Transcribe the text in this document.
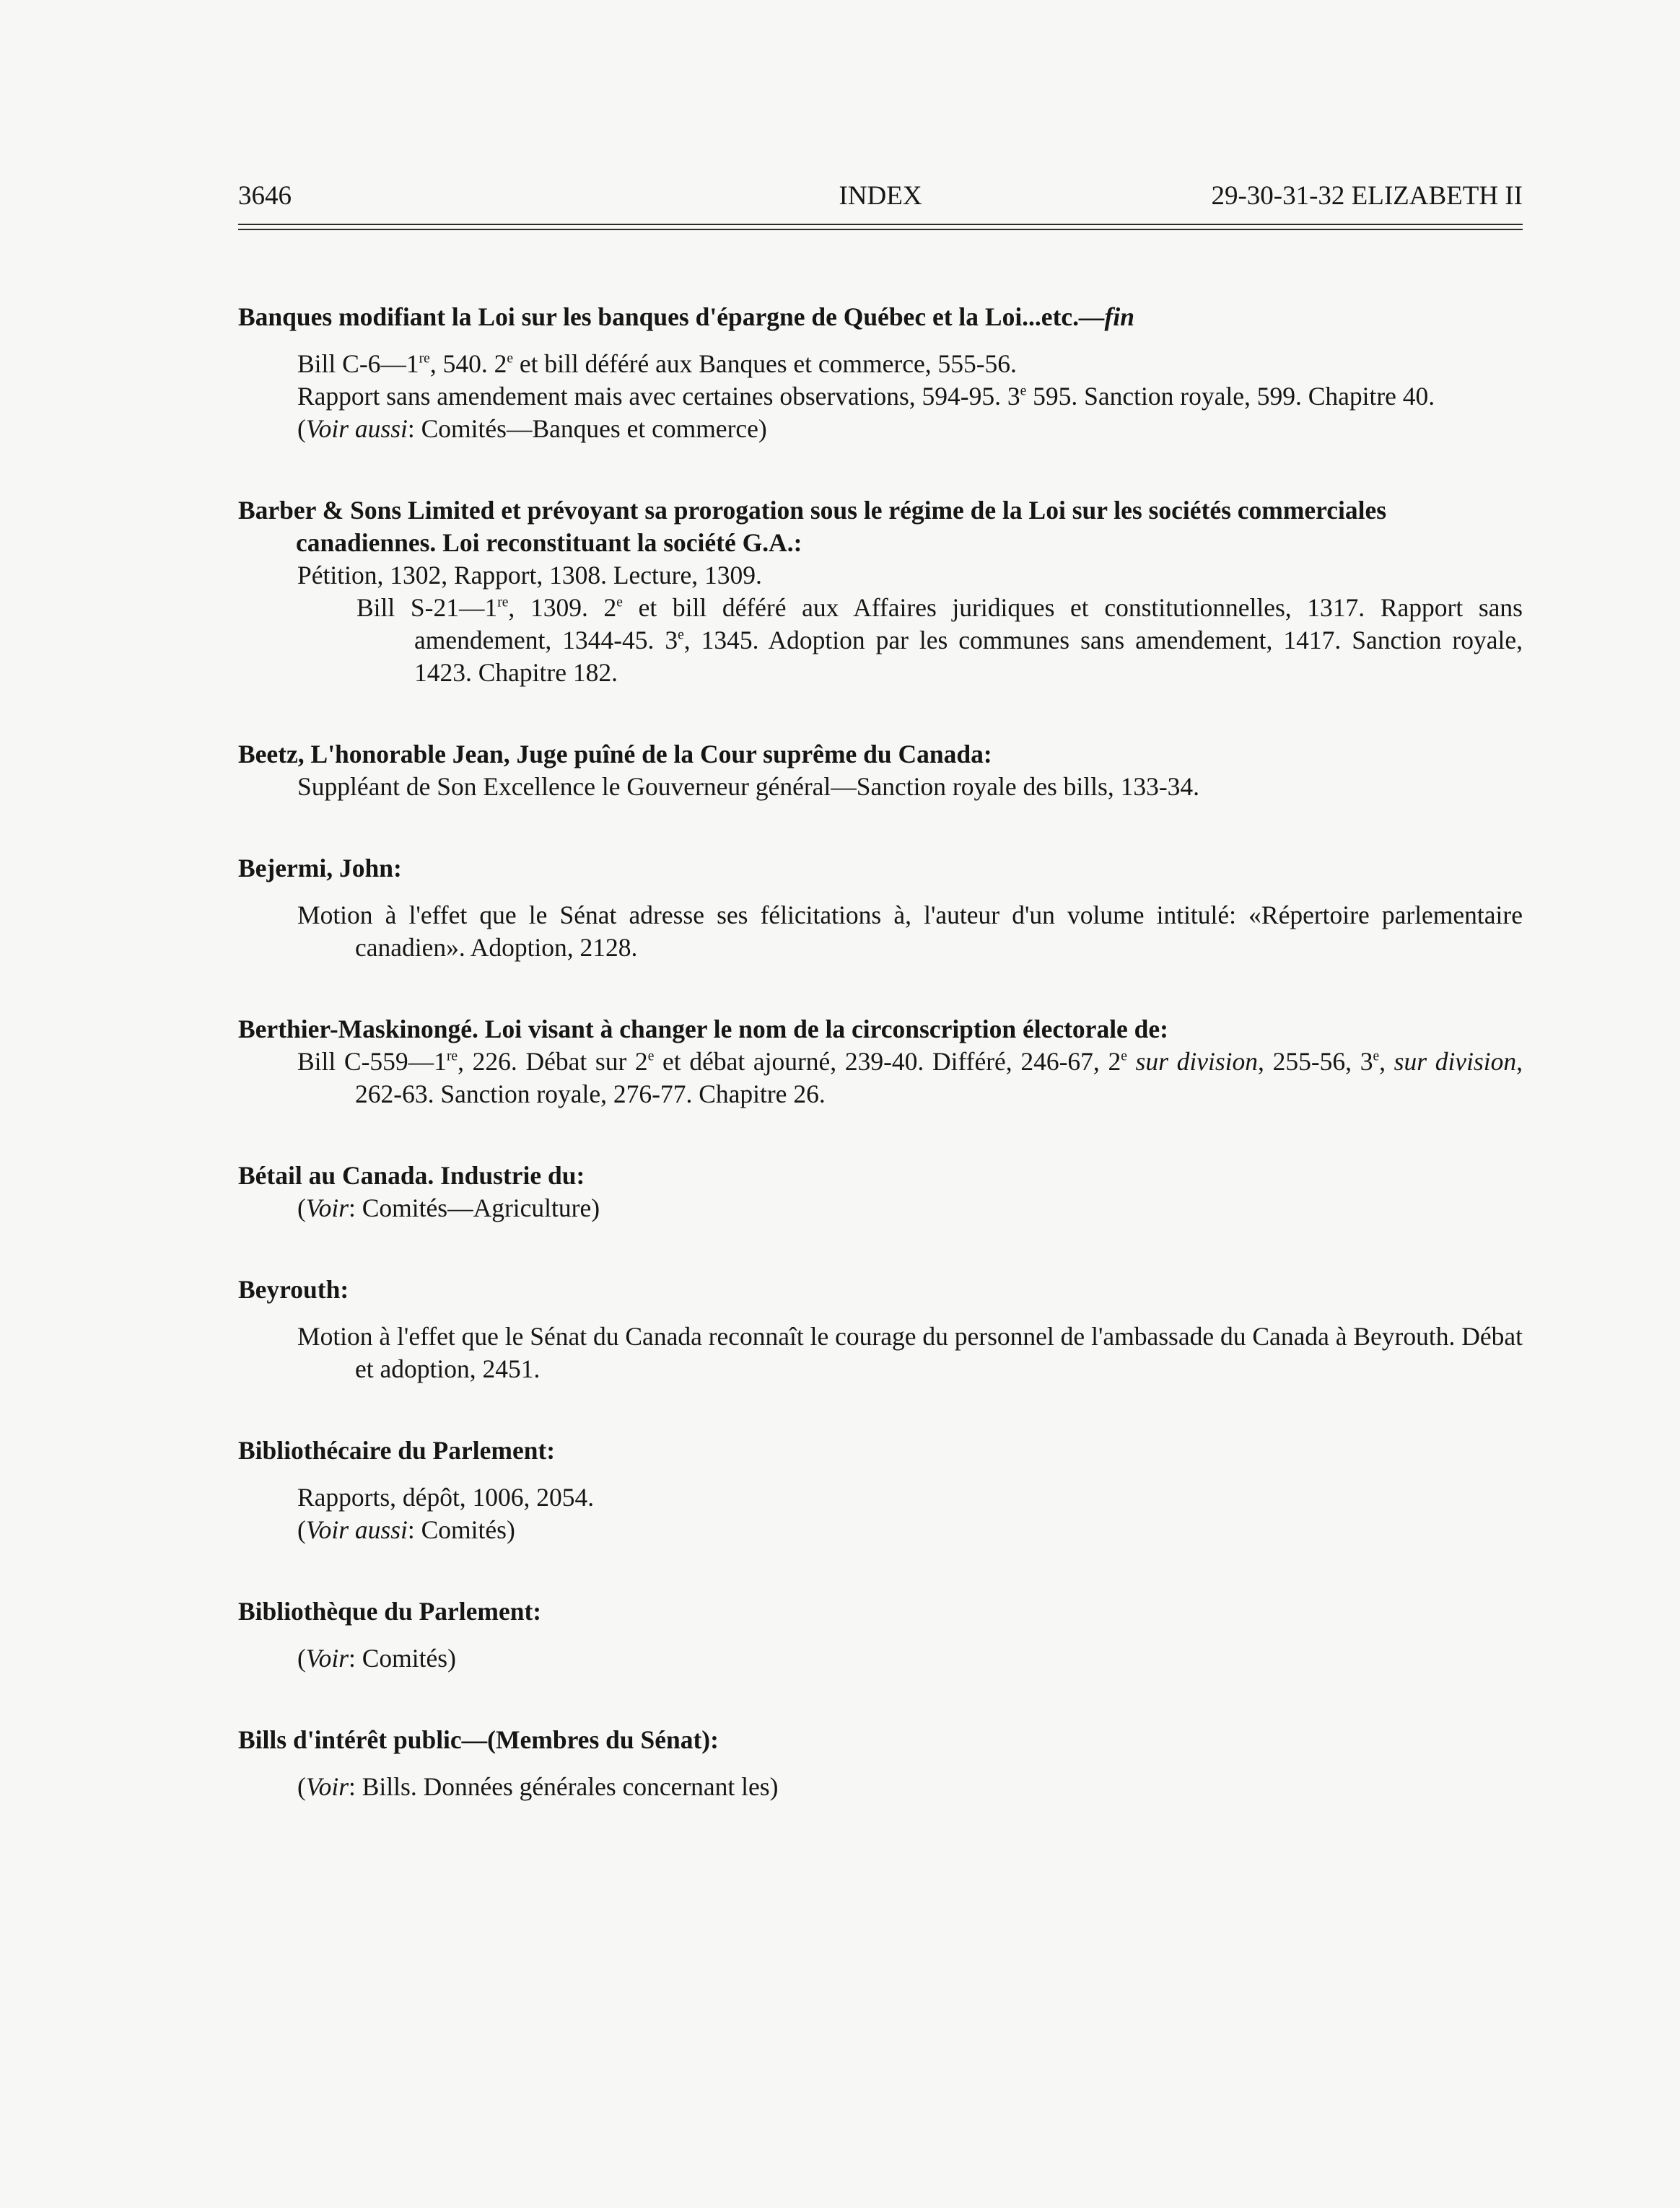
3646	INDEX	29-30-31-32 ELIZABETH II
Banques modifiant la Loi sur les banques d'épargne de Québec et la Loi...etc.—fin
Bill C-6—1re, 540. 2e et bill déféré aux Banques et commerce, 555-56.
Rapport sans amendement mais avec certaines observations, 594-95. 3e 595. Sanction royale, 599. Chapitre 40.
(Voir aussi: Comités—Banques et commerce)
Barber & Sons Limited et prévoyant sa prorogation sous le régime de la Loi sur les sociétés commerciales canadiennes. Loi reconstituant la société G.A.:
Pétition, 1302, Rapport, 1308. Lecture, 1309.
Bill S-21—1re, 1309. 2e et bill déféré aux Affaires juridiques et constitutionnelles, 1317. Rapport sans amendement, 1344-45. 3e, 1345. Adoption par les communes sans amendement, 1417. Sanction royale, 1423. Chapitre 182.
Beetz, L'honorable Jean, Juge puîné de la Cour suprême du Canada:
Suppléant de Son Excellence le Gouverneur général—Sanction royale des bills, 133-34.
Bejermi, John:
Motion à l'effet que le Sénat adresse ses félicitations à, l'auteur d'un volume intitulé: «Répertoire parlementaire canadien». Adoption, 2128.
Berthier-Maskinongé. Loi visant à changer le nom de la circonscription électorale de:
Bill C-559—1re, 226. Débat sur 2e et débat ajourné, 239-40. Différé, 246-67, 2e sur division, 255-56, 3e, sur division, 262-63. Sanction royale, 276-77. Chapitre 26.
Bétail au Canada. Industrie du:
(Voir: Comités—Agriculture)
Beyrouth:
Motion à l'effet que le Sénat du Canada reconnaît le courage du personnel de l'ambassade du Canada à Beyrouth. Débat et adoption, 2451.
Bibliothécaire du Parlement:
Rapports, dépôt, 1006, 2054.
(Voir aussi: Comités)
Bibliothèque du Parlement:
(Voir: Comités)
Bills d'intérêt public—(Membres du Sénat):
(Voir: Bills. Données générales concernant les)
